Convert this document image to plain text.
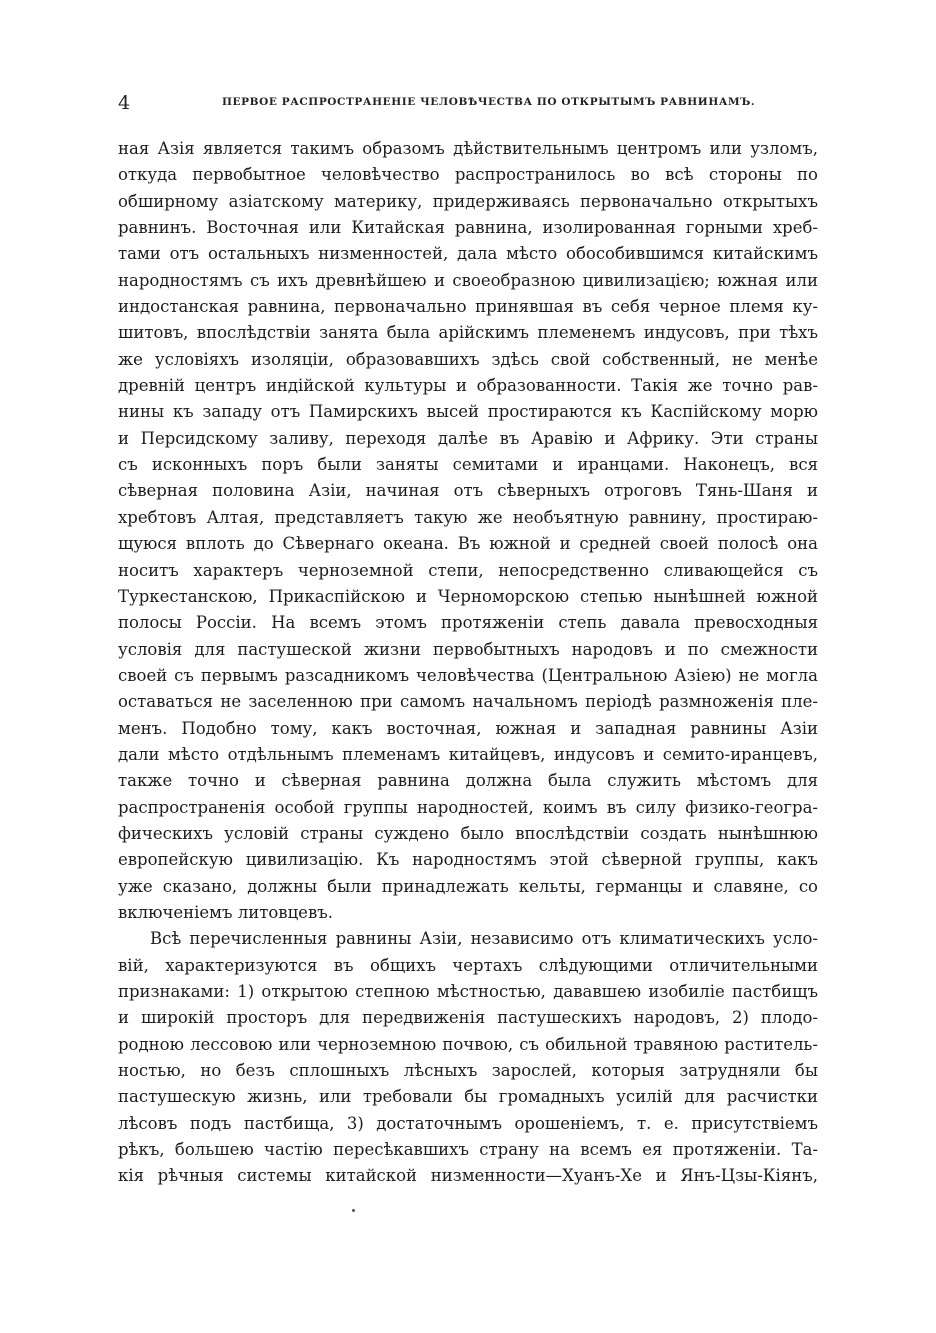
4	ПЕРВОЕ РАСПРОСТРАНЕНІЕ ЧЕЛОВѢЧЕСТВА ПО ОТКРЫТЫМЪ РАВНИНАМЪ.
ная Азія является такимъ образомъ дѣйствительнымъ центромъ или узломъ,
откуда первобытное человѣчество распространилось во всѣ стороны по
обширному азіатскому материку, придерживаясь первоначально открытыхъ
равнинъ. Восточная или Китайская равнина, изолированная горными хреб-
тами отъ остальныхъ низменностей, дала мѣсто обособившимся китайскимъ
народностямъ съ ихъ древнѣйшею и своеобразною цивилизацією; южная или
индостанская равнина, первоначально принявшая въ себя черное племя ку-
шитовъ, впослѣдствіи занята была арійскимъ племенемъ индусовъ, при тѣхъ
же условіяхъ изоляціи, образовавшихъ здѣсь свой собственный, не менѣе
древній центръ индійской культуры и образованности. Такія же точно рав-
нины къ западу отъ Памирскихъ высей простираются къ Каспійскому морю
и Персидскому заливу, переходя далѣе въ Аравію и Африку. Эти страны
съ исконныхъ поръ были заняты семитами и иранцами. Наконецъ, вся
сѣверная половина Азіи, начиная отъ сѣверныхъ отроговъ Тянь-Шаня и
хребтовъ Алтая, представляетъ такую же необъятную равнину, простираю-
щуюся вплоть до Сѣвернаго океана. Въ южной и средней своей полосѣ она
носитъ характеръ черноземной степи, непосредственно сливающейся съ
Туркестанскою, Прикаспійскою и Черноморскою степью нынѣшней южной
полосы Россіи. На всемъ этомъ протяженіи степь давала превосходныя
условія для пастушеской жизни первобытныхъ народовъ и по смежности
своей съ первымъ разсадникомъ человѣчества (Центральною Азіею) не могла
оставаться не заселенною при самомъ начальномъ періодѣ размноженія пле-
менъ. Подобно тому, какъ восточная, южная и западная равнины Азіи
дали мѣсто отдѣльнымъ племенамъ китайцевъ, индусовъ и семито-иранцевъ,
также точно и сѣверная равнина должна была служить мѣстомъ для
распространенія особой группы народностей, коимъ въ силу физико-геогра-
фическихъ условій страны суждено было впослѣдствіи создать нынѣшнюю
европейскую цивилизацію. Къ народностямъ этой сѣверной группы, какъ
уже сказано, должны были принадлежать кельты, германцы и славяне, со
включеніемъ литовцевъ.
Всѣ перечисленныя равнины Азіи, независимо отъ климатическихъ усло-
вій, характеризуются въ общихъ чертахъ слѣдующими отличительными
признаками: 1) открытою степною мѣстностью, дававшею изобиліе пастбищъ
и широкій просторъ для передвиженія пастушескихъ народовъ, 2) плодо-
родною лессовою или черноземною почвою, съ обильной травяною раститель-
ностью, но безъ сплошныхъ лѣсныхъ зарослей, которыя затрудняли бы
пастушескую жизнь, или требовали бы громадныхъ усилій для расчистки
лѣсовъ подъ пастбища, 3) достаточнымъ орошеніемъ, т. е. присутствіемъ
рѣкъ, большею частію пересѣкавшихъ страну на всемъ ея протяженіи. Та-
кія рѣчныя системы китайской низменности—Хуанъ-Хе и Янъ-Цзы-Кіянъ,
